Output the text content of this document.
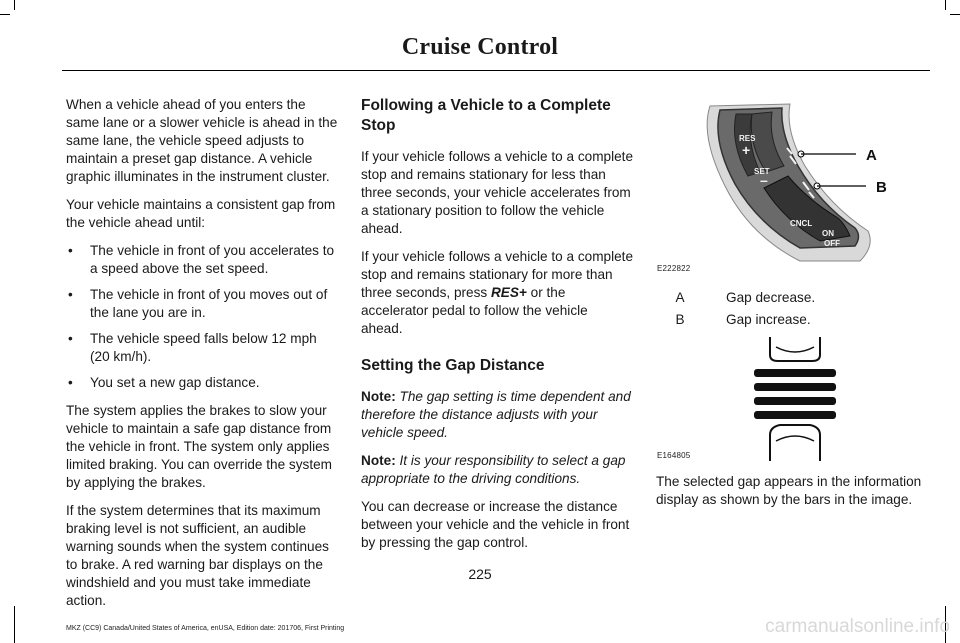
Cruise Control

When a vehicle ahead of you enters the same lane or a slower vehicle is ahead in the same lane, the vehicle speed adjusts to maintain a preset gap distance. A vehicle graphic illuminates in the instrument cluster.

Your vehicle maintains a consistent gap from the vehicle ahead until:

• The vehicle in front of you accelerates to a speed above the set speed.
• The vehicle in front of you moves out of the lane you are in.
• The vehicle speed falls below 12 mph (20 km/h).
• You set a new gap distance.

The system applies the brakes to slow your vehicle to maintain a safe gap distance from the vehicle in front. The system only applies limited braking. You can override the system by applying the brakes.

If the system determines that its maximum braking level is not sufficient, an audible warning sounds when the system continues to brake. A red warning bar displays on the windshield and you must take immediate action.

Following a Vehicle to a Complete Stop

If your vehicle follows a vehicle to a complete stop and remains stationary for less than three seconds, your vehicle accelerates from a stationary position to follow the vehicle ahead.

If your vehicle follows a vehicle to a complete stop and remains stationary for more than three seconds, press RES+ or the accelerator pedal to follow the vehicle ahead.

Setting the Gap Distance

Note: The gap setting is time dependent and therefore the distance adjusts with your vehicle speed.

Note: It is your responsibility to select a gap appropriate to the driving conditions.

You can decrease or increase the distance between your vehicle and the vehicle in front by pressing the gap control.

RES
+
SET
–
CNCL
ON
OFF
A
B
E222822
A	Gap decrease.
B	Gap increase.
E164805
The selected gap appears in the information display as shown by the bars in the image.
225
MKZ (CC9) Canada/United States of America, enUSA, Edition date: 201706, First Printing	carmanualsonline.info
